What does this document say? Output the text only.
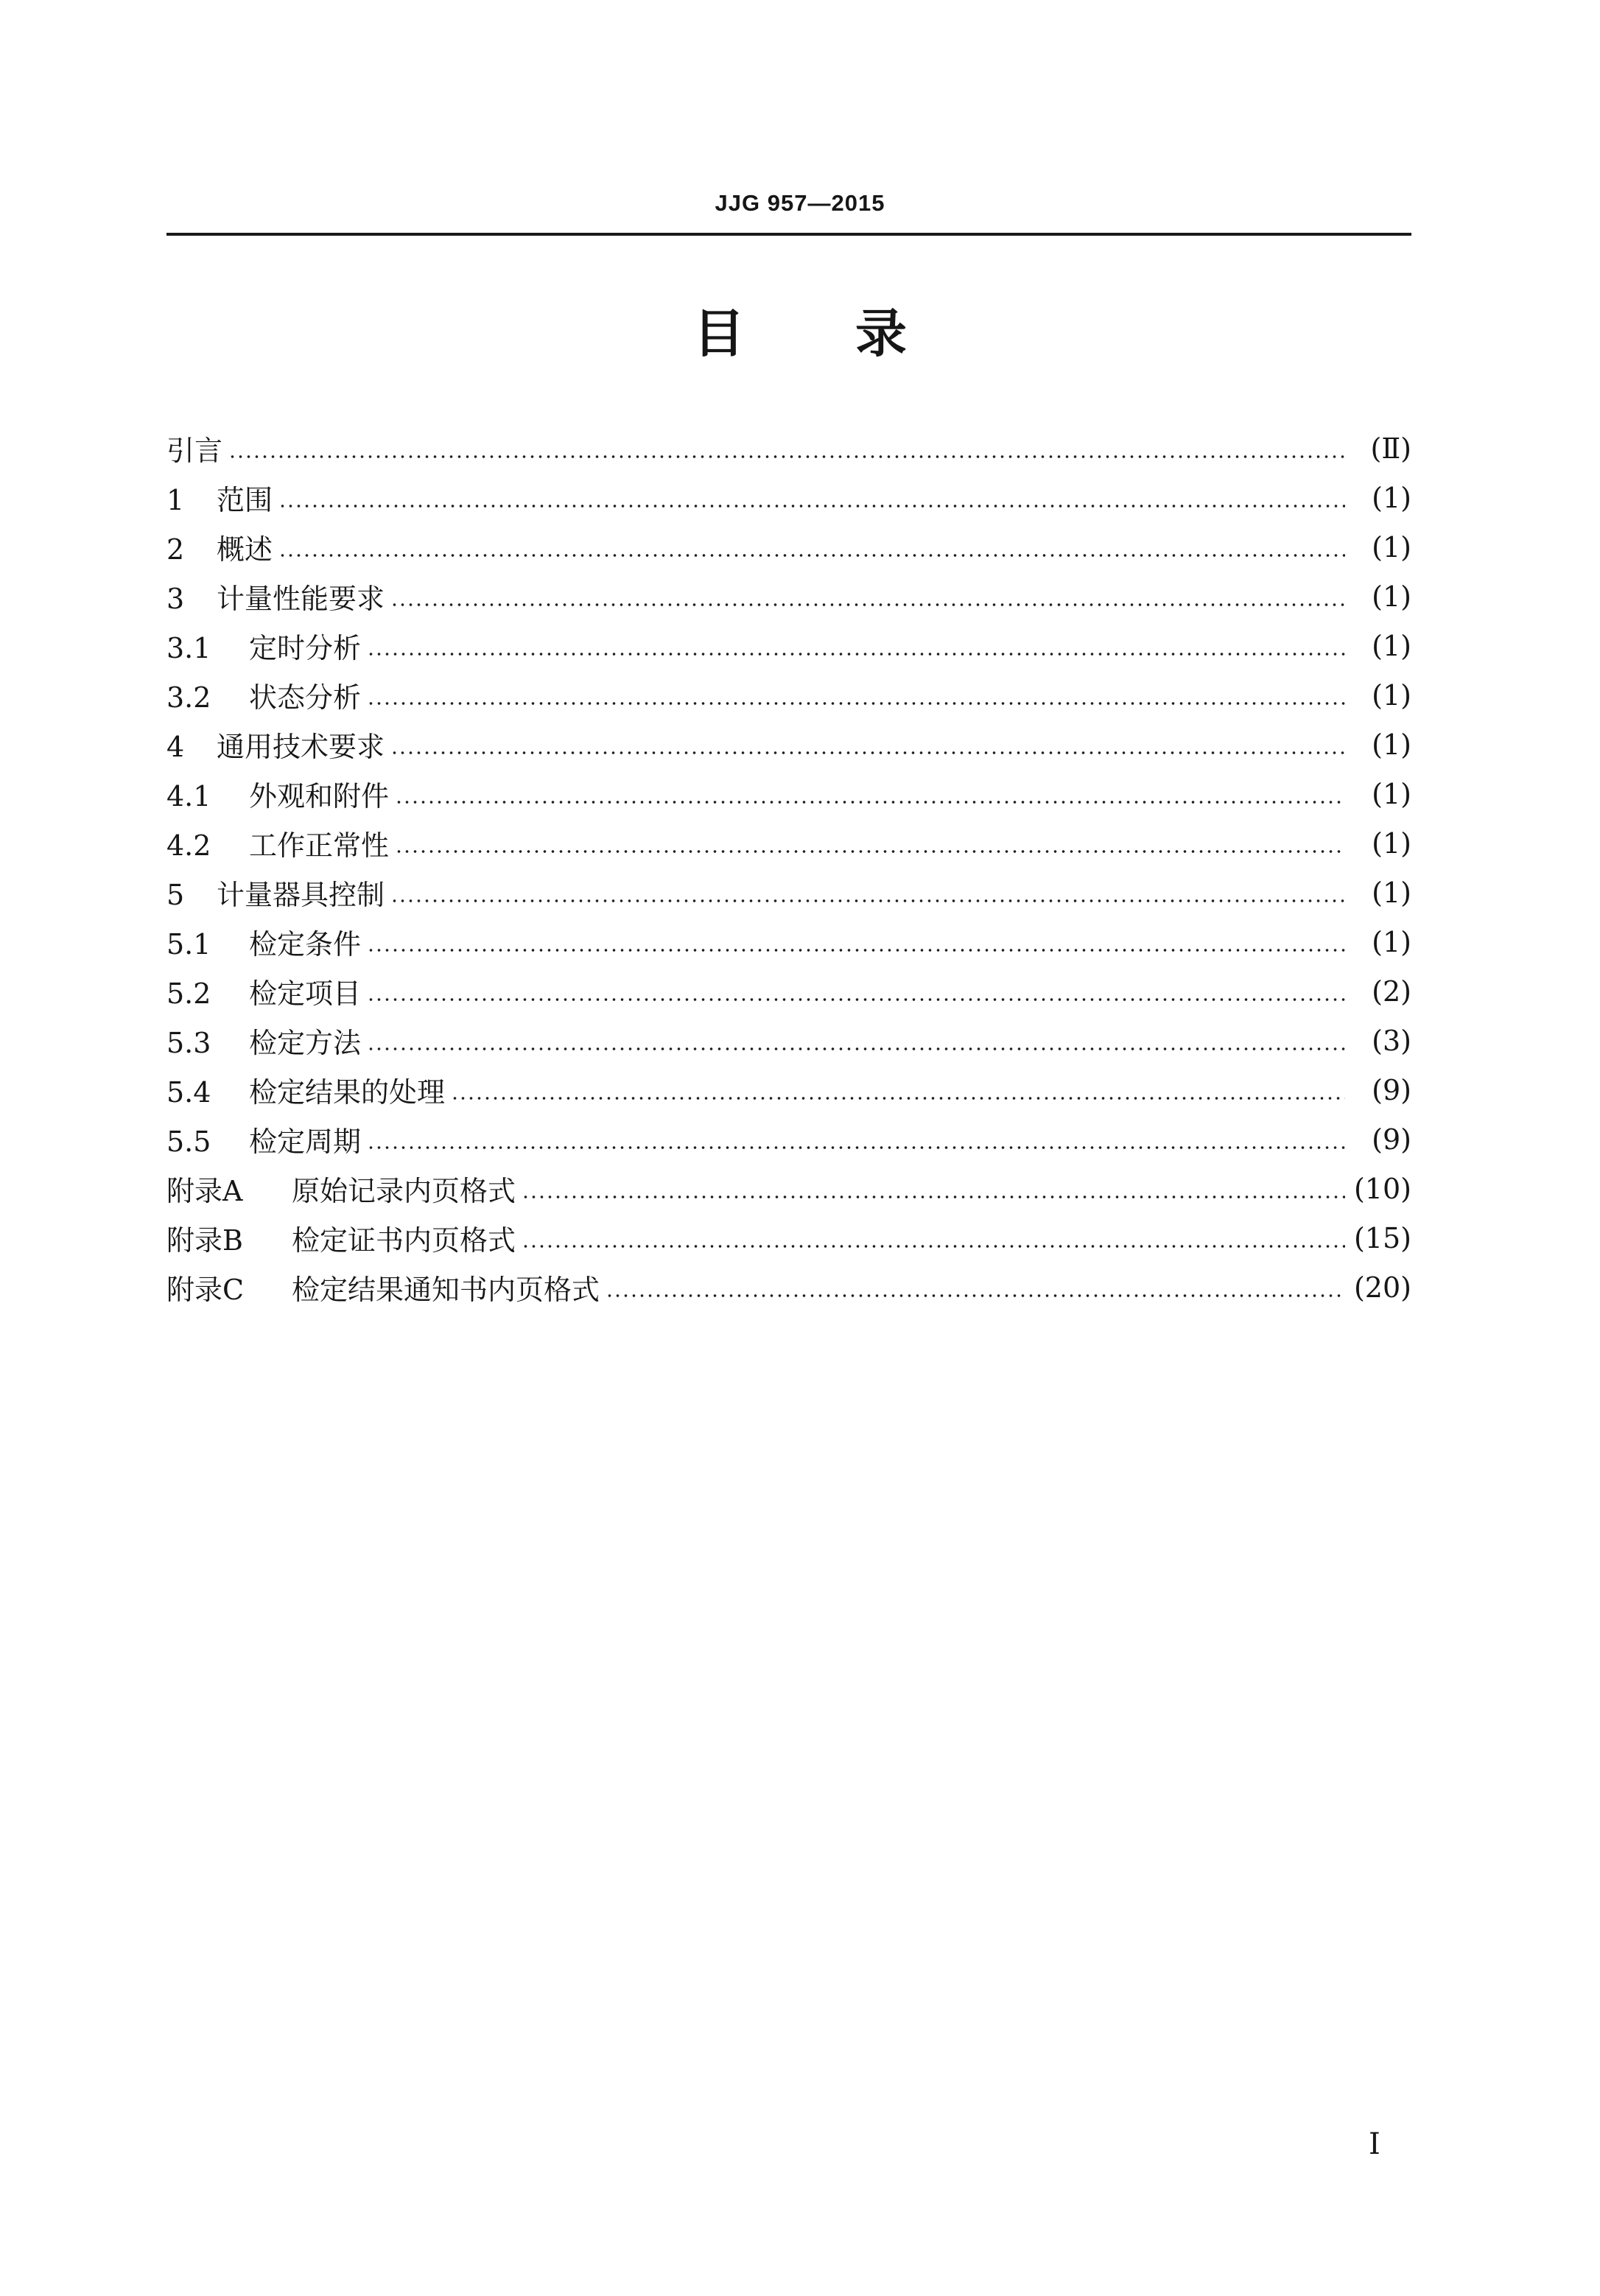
JJG 957—2015
目 录
引言	(Ⅱ)
1 范围	(1)
2 概述	(1)
3 计量性能要求	(1)
3.1 定时分析	(1)
3.2 状态分析	(1)
4 通用技术要求	(1)
4.1 外观和附件	(1)
4.2 工作正常性	(1)
5 计量器具控制	(1)
5.1 检定条件	(1)
5.2 检定项目	(2)
5.3 检定方法	(3)
5.4 检定结果的处理	(9)
5.5 检定周期	(9)
附录A 原始记录内页格式	(10)
附录B 检定证书内页格式	(15)
附录C 检定结果通知书内页格式	(20)
I
